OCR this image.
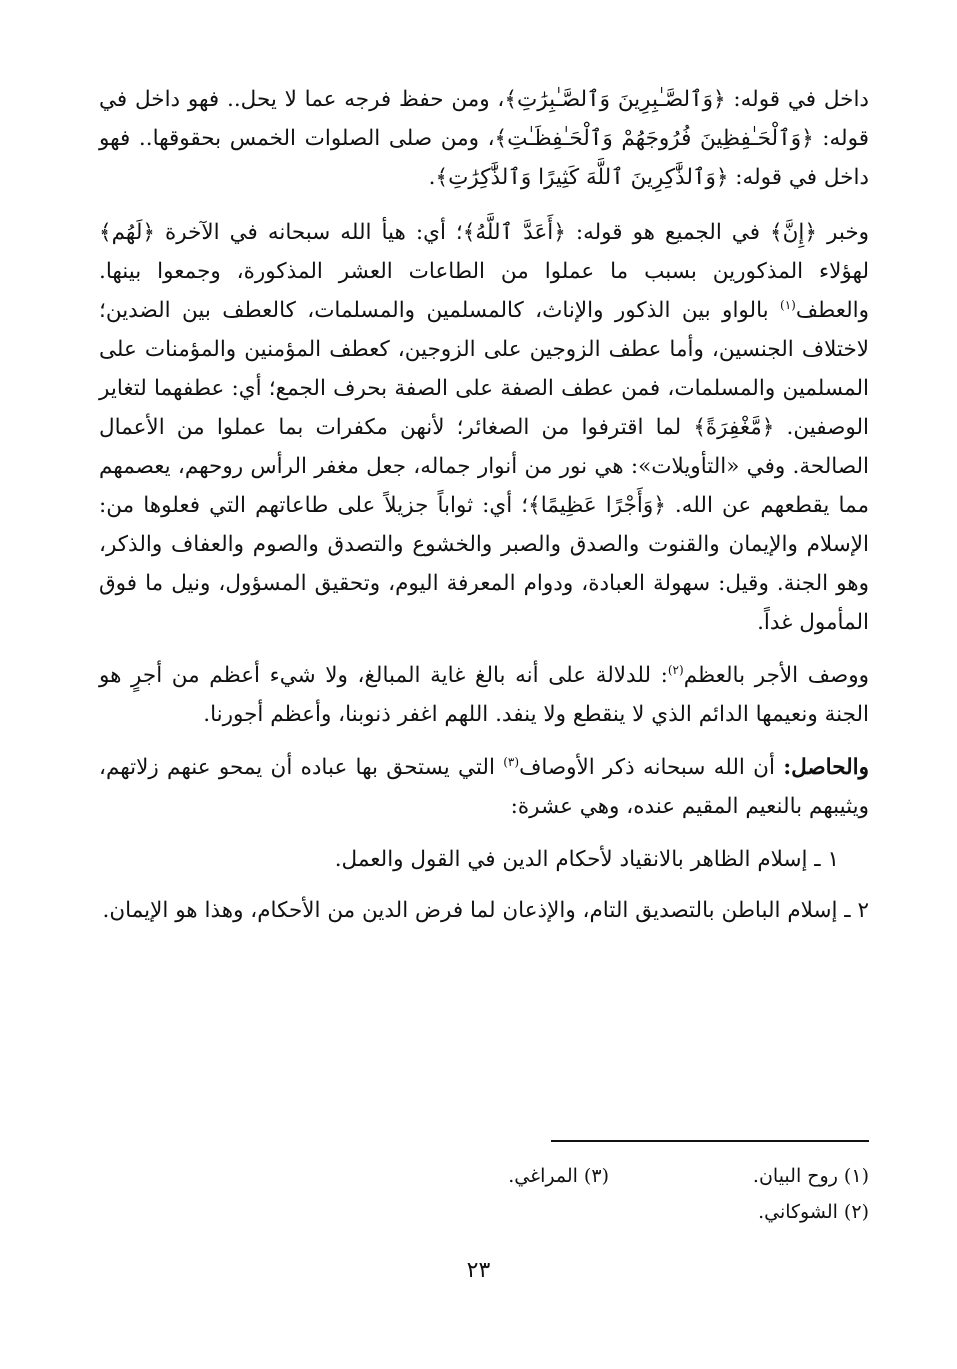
داخل في قوله: ﴿وَٱلصَّـٰبِرِينَ وَٱلصَّـٰبِرَٰتِ﴾، ومن حفظ فرجه عما لا يحل.. فهو داخل في قوله: ﴿وَٱلْحَـٰفِظِينَ فُرُوجَهُمْ وَٱلْحَـٰفِظَـٰتِ﴾، ومن صلى الصلوات الخمس بحقوقها.. فهو داخل في قوله: ﴿وَٱلذَّٰكِرِينَ ٱللَّهَ كَثِيرًا وَٱلذَّٰكِرَٰتِ﴾.

وخبر ﴿إِنَّ﴾ في الجميع هو قوله: ﴿أَعَدَّ ٱللَّهُ﴾؛ أي: هيأ الله سبحانه في الآخرة ﴿لَهُم﴾ لهؤلاء المذكورين بسبب ما عملوا من الطاعات العشر المذكورة، وجمعوا بينها. والعطف$^{(١)}$ بالواو بين الذكور والإناث، كالمسلمين والمسلمات، كالعطف بين الضدين؛ لاختلاف الجنسين، وأما عطف الزوجين على الزوجين، كعطف المؤمنين والمؤمنات على المسلمين والمسلمات، فمن عطف الصفة على الصفة بحرف الجمع؛ أي: عطفهما لتغاير الوصفين. ﴿مَّغْفِرَةً﴾ لما اقترفوا من الصغائر؛ لأنهن مكفرات بما عملوا من الأعمال الصالحة. وفي «التأويلات»: هي نور من أنوار جماله، جعل مغفر الرأس روحهم، يعصمهم مما يقطعهم عن الله. ﴿وَأَجْرًا عَظِيمًا﴾؛ أي: ثواباً جزيلاً على طاعاتهم التي فعلوها من: الإسلام والإيمان والقنوت والصدق والصبر والخشوع والتصدق والصوم والعفاف والذكر، وهو الجنة. وقيل: سهولة العبادة، ودوام المعرفة اليوم، وتحقيق المسؤول، ونيل ما فوق المأمول غداً.

ووصف الأجر بالعظم$^{(٢)}$: للدلالة على أنه بالغ غاية المبالغ، ولا شيء أعظم من أجرٍ هو الجنة ونعيمها الدائم الذي لا ينقطع ولا ينفد. اللهم اغفر ذنوبنا، وأعظم أجورنا.

والحاصل: أن الله سبحانه ذكر الأوصاف$^{(٣)}$ التي يستحق بها عباده أن يمحو عنهم زلاتهم، ويثيبهم بالنعيم المقيم عنده، وهي عشرة:

١ ـ إسلام الظاهر بالانقياد لأحكام الدين في القول والعمل.

٢ ـ إسلام الباطن بالتصديق التام، والإذعان لما فرض الدين من الأحكام، وهذا هو الإيمان.

(١) روح البيان.
(٣) المراغي.
(٢) الشوكاني.
٢٣
